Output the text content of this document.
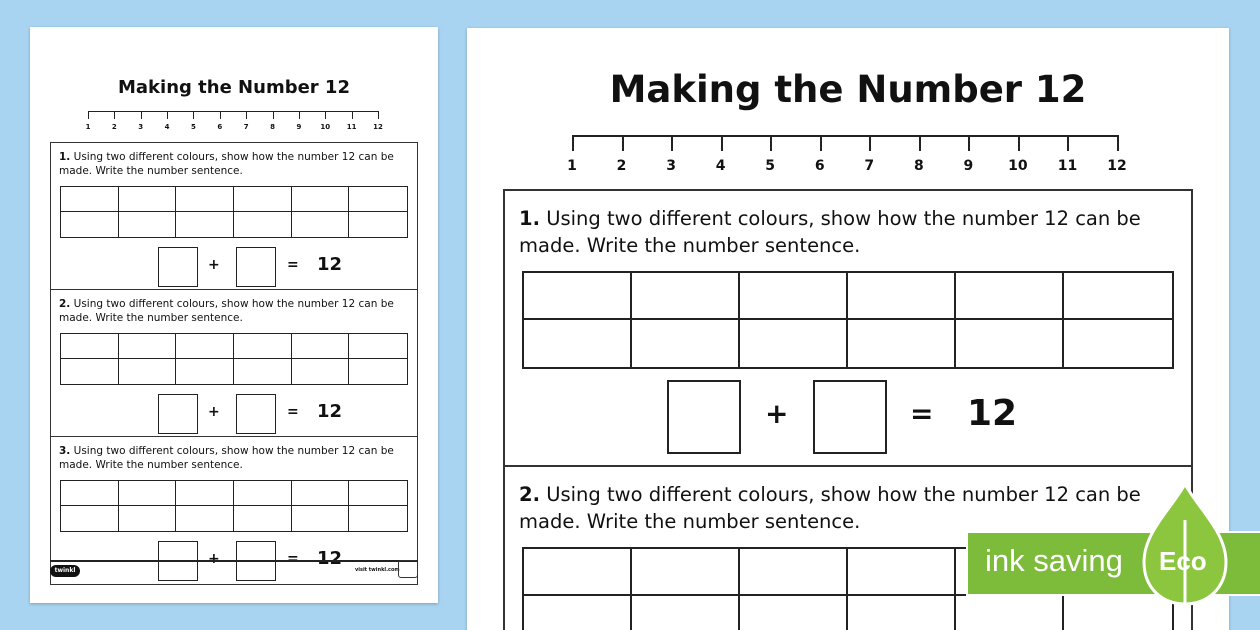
Making the Number 12
1	2	3	4	5	6	7	8	9	10 11 12
1. Using two different colours, show how the number 12 can be made. Write the number sentence.
+	= 12
2. Using two different colours, show how the number 12 can be made. Write the number sentence.
+	= 12
3. Using two different colours, show how the number 12 can be made. Write the number sentence.
+	= 12
twinkl	visit twinkl.com
Making the Number 12
1	2	3	4	5	6	7	8	9 10 11 12
1. Using two different colours, show how the number 12 can be made. Write the number sentence.
+	= 12
2. Using two different colours, show how the number 12 can be made. Write the number sentence.
ink saving Eco
